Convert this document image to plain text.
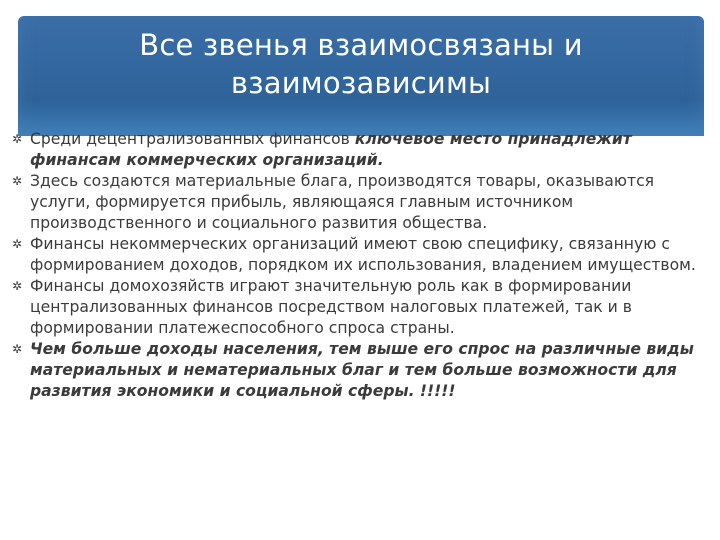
Все звенья взаимосвязаны и взаимозависимы
✲ Среди децентрализованных финансов ключевое место принадлежит финансам коммерческих организаций.
✲ Здесь создаются материальные блага, производятся товары, оказываются услуги, формируется прибыль, являющаяся главным источником производственного и социального развития общества.
✲ Финансы некоммерческих организаций имеют свою специфику, связанную с формированием доходов, порядком их использования, владением имуществом.
✲ Финансы домохозяйств играют значительную роль как в формировании централизованных финансов посредством налоговых платежей, так и в формировании платежеспособного спроса страны.
✲ Чем больше доходы населения, тем выше его спрос на различные виды материальных и нематериальных благ и тем больше возможности для развития экономики и социальной сферы. !!!!!
